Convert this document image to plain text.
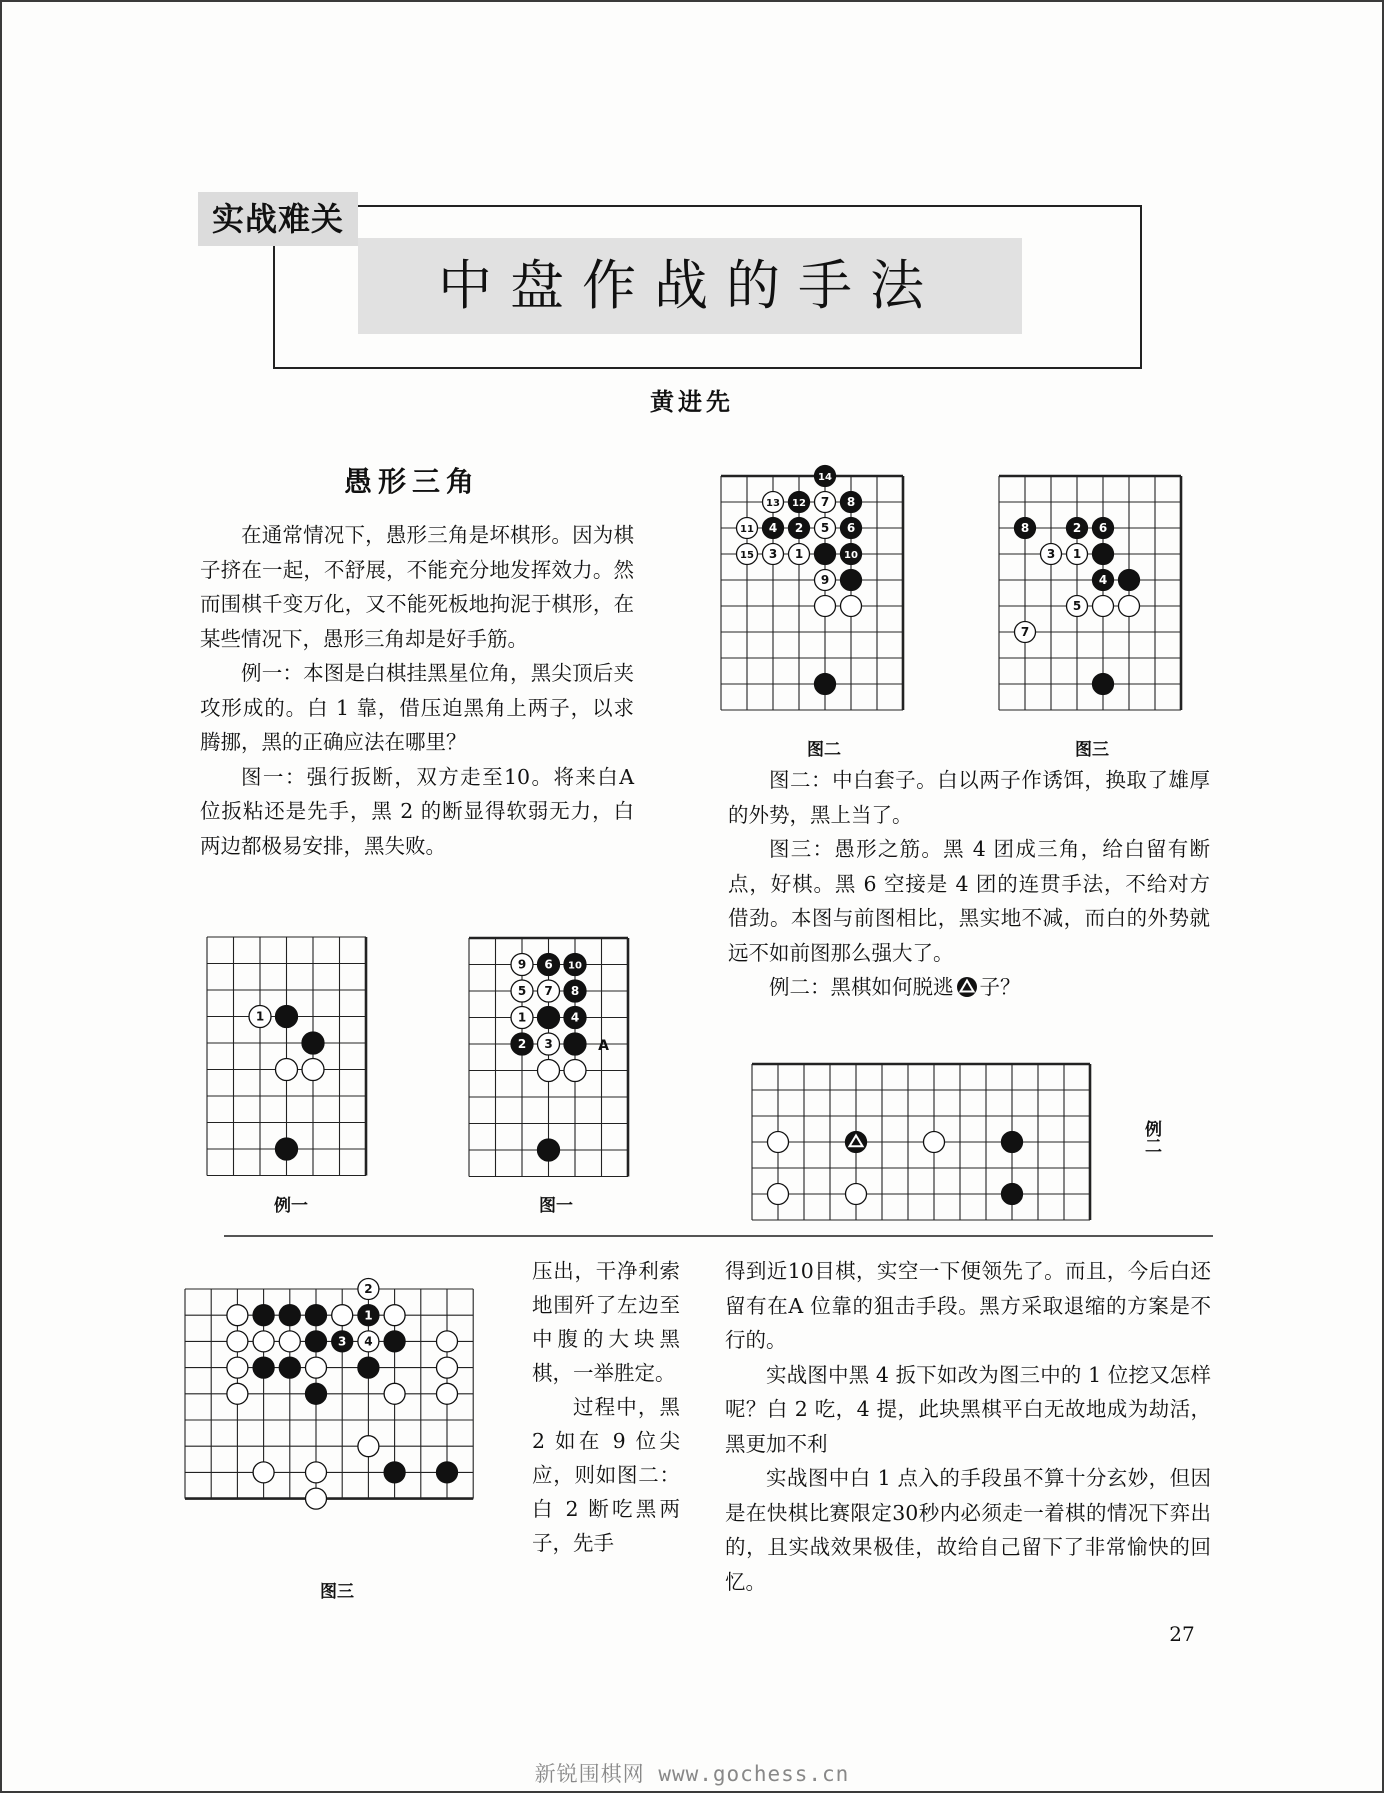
实战难关
中盘作战的手法
黄进先
愚形三角

在通常情况下，愚形三角是坏棋形。因为棋子挤在一起，不舒展，不能充分地发挥效力。然而围棋千变万化，又不能死板地拘泥于棋形，在某些情况下，愚形三角却是好手筋。

例一：本图是白棋挂黑星位角，黑尖顶后夹攻形成的。白 1 靠，借压迫黑角上两子，以求腾挪，黑的正确应法在哪里？

图一：强行扳断，双方走至10。将来白A 位扳粘还是先手，黑 2 的断显得软弱无力，白两边都极易安排，黑失败。

图二：中白套子。白以两子作诱饵，换取了雄厚的外势，黑上当了。

图三：愚形之筋。黑 4 团成三角，给白留有断点，好棋。黑 6 空接是 4 团的连贯手法，不给对方借劲。本图与前图相比，黑实地不减，而白的外势就远不如前图那么强大了。

例二：黑棋如何脱逃 子？

1
例一
9 6 10
5 7 8
1	4
2 3	A
图一
14
13 12 7 8
11 4 2 5 6
15 3 1	10
9
图二
8	2 6
3 1
4
5
7
图三
例二
2
1
3 4
图三

压出，干净利索地围歼了左边至中腹的大块黑棋，一举胜定。

过程中，黑 2 如在 9 位尖应，则如图二：白 2 断吃黑两子，先手

得到近10目棋，实空一下便领先了。而且，今后白还留有在A 位靠的狙击手段。黑方采取退缩的方案是不行的。

实战图中黑 4 扳下如改为图三中的 1 位挖又怎样呢？白 2 吃，4 提，此块黑棋平白无故地成为劫活，黑更加不利

实战图中白 1 点入的手段虽不算十分玄妙，但因是在快棋比赛限定30秒内必须走一着棋的情况下弈出的，且实战效果极佳，故给自己留下了非常愉快的回忆。

27
新锐围棋网 www.gochess.cn
